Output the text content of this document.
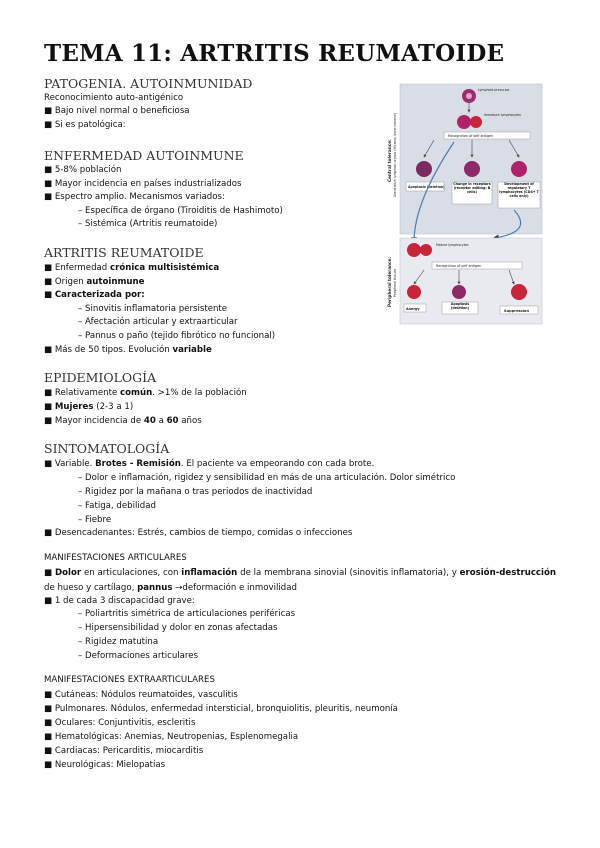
TEMA 11: ARTRITIS REUMATOIDE
PATOGENIA. AUTOINMUNIDAD
Reconocimiento auto-antigénico
■ Bajo nivel normal o beneficiosa
■ Si es patológica:
ENFERMEDAD AUTOINMUNE
■ 5-8% población
■ Mayor incidencia en países industrializados
■ Espectro amplio. Mecanismos variados:
– Específica de órgano (Tiroiditis de Hashimoto)
– Sistémica (Artritis reumatoide)
ARTRITIS REUMATOIDE
■ Enfermedad crónica multisistémica
■ Origen autoinmune
■ Caracterizada por:
– Sinovitis inflamatoria persistente
– Afectación articular y extraarticular
– Pannus o paño (tejido fibrótico no funcional)
■ Más de 50 tipos. Evolución variable
EPIDEMIOLOGÍA
■ Relativamente común. >1% de la población
■ Mujeres (2-3 a 1)
■ Mayor incidencia de 40 a 60 años
SINTOMATOLOGÍA
■ Variable. Brotes - Remisión. El paciente va empeorando con cada brote.
– Dolor e inflamación, rigidez y sensibilidad en más de una articulación. Dolor simétrico
– Rigidez por la mañana o tras periodos de inactividad
– Fatiga, debilidad
– Fiebre
■ Desencadenantes: Estrés, cambios de tiempo, comidas o infecciones
MANIFESTACIONES ARTICULARES
■ Dolor en articulaciones, con inflamación de la membrana sinovial (sinovitis inflamatoria), y erosión-destrucción de hueso y cartílago, pannus →deformación e inmovilidad
■ 1 de cada 3 discapacidad grave:
– Poliartritis simétrica de articulaciones periféricas
– Hipersensibilidad y dolor en zonas afectadas
– Rigidez matutina
– Deformaciones articulares
MANIFESTACIONES EXTRAARTICULARES
■ Cutáneas: Nódulos reumatoides, vasculitis
■ Pulmonares. Nódulos, enfermedad intersticial, bronquiolitis, pleuritis, neumonía
■ Oculares: Conjuntivitis, escleritis
■ Hematológicas: Anemias, Neutropenias, Esplenomegalia
■ Cardiacas: Pericarditis, miocarditis
■ Neurológicas: Mielopatías
Central tolerance: Generative lymphoid organs (thymus, bone marrow)
Peripheral tolerance: Peripheral tissues
Lymphoid precursor
Immature lymphocytes
Recognition of self antigen
Apoptosis (deletion)
Change in receptors (receptor editing; B cells)
Development of regulatory T lymphocytes (CD4+ T cells only)
Mature lymphocytes
Recognition of self antigen
Anergy
Apoptosis (deletion)
Suppression
